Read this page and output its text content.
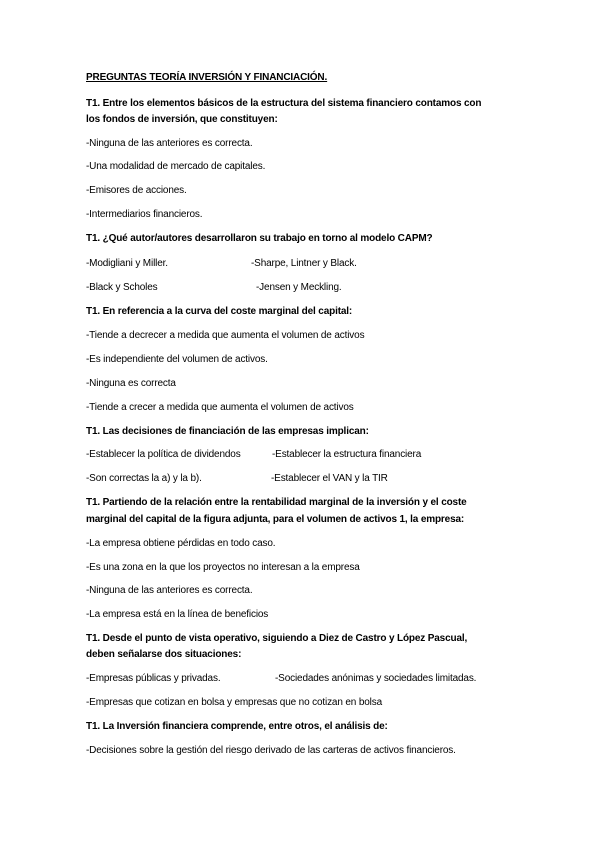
PREGUNTAS TEORÍA INVERSIÓN Y FINANCIACIÓN.
T1. Entre los elementos básicos de la estructura del sistema financiero contamos con
los fondos de inversión, que constituyen:
-Ninguna de las anteriores es correcta.
-Una modalidad de mercado de capitales.
-Emisores de acciones.
-Intermediarios financieros.
T1. ¿Qué autor/autores desarrollaron su trabajo en torno al modelo CAPM?
-Modigliani y Miller.	-Sharpe, Lintner y Black.
-Black y Scholes	-Jensen y Meckling.
T1. En referencia a la curva del coste marginal del capital:
-Tiende a decrecer a medida que aumenta el volumen de activos
-Es independiente del volumen de activos.
-Ninguna es correcta
-Tiende a crecer a medida que aumenta el volumen de activos
T1. Las decisiones de financiación de las empresas implican:
-Establecer la política de dividendos	-Establecer la estructura financiera
-Son correctas la a) y la b).	-Establecer el VAN y la TIR
T1. Partiendo de la relación entre la rentabilidad marginal de la inversión y el coste
marginal del capital de la figura adjunta, para el volumen de activos 1, la empresa:
-La empresa obtiene pérdidas en todo caso.
-Es una zona en la que los proyectos no interesan a la empresa
-Ninguna de las anteriores es correcta.
-La empresa está en la línea de beneficios
T1. Desde el punto de vista operativo, siguiendo a Diez de Castro y López Pascual,
deben señalarse dos situaciones:
-Empresas públicas y privadas.	-Sociedades anónimas y sociedades limitadas.
-Empresas que cotizan en bolsa y empresas que no cotizan en bolsa
T1. La Inversión financiera comprende, entre otros, el análisis de:
-Decisiones sobre la gestión del riesgo derivado de las carteras de activos financieros.
